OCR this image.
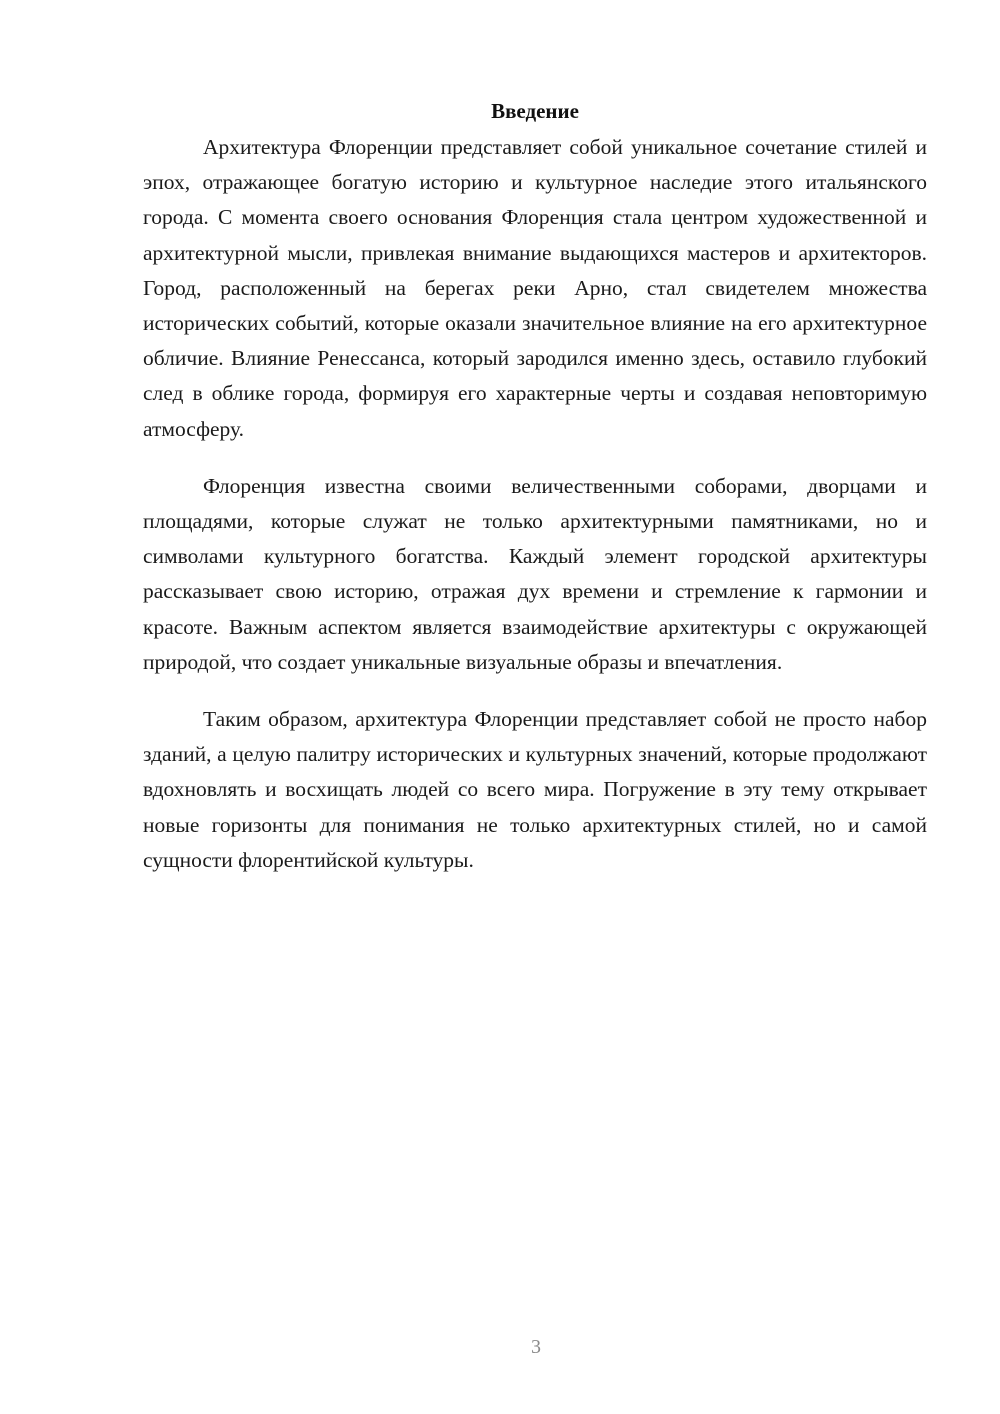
Введение

Архитектура Флоренции представляет собой уникальное сочетание стилей и эпох, отражающее богатую историю и культурное наследие этого итальянского города. С момента своего основания Флоренция стала центром художественной и архитектурной мысли, привлекая внимание выдающихся мастеров и архитекторов. Город, расположенный на берегах реки Арно, стал свидетелем множества исторических событий, которые оказали значительное влияние на его архитектурное обличие. Влияние Ренессанса, который зародился именно здесь, оставило глубокий след в облике города, формируя его характерные черты и создавая неповторимую атмосферу.

Флоренция известна своими величественными соборами, дворцами и площадями, которые служат не только архитектурными памятниками, но и символами культурного богатства. Каждый элемент городской архитектуры рассказывает свою историю, отражая дух времени и стремление к гармонии и красоте. Важным аспектом является взаимодействие архитектуры с окружающей природой, что создает уникальные визуальные образы и впечатления.

Таким образом, архитектура Флоренции представляет собой не просто набор зданий, а целую палитру исторических и культурных значений, которые продолжают вдохновлять и восхищать людей со всего мира. Погружение в эту тему открывает новые горизонты для понимания не только архитектурных стилей, но и самой сущности флорентийской культуры.

3
